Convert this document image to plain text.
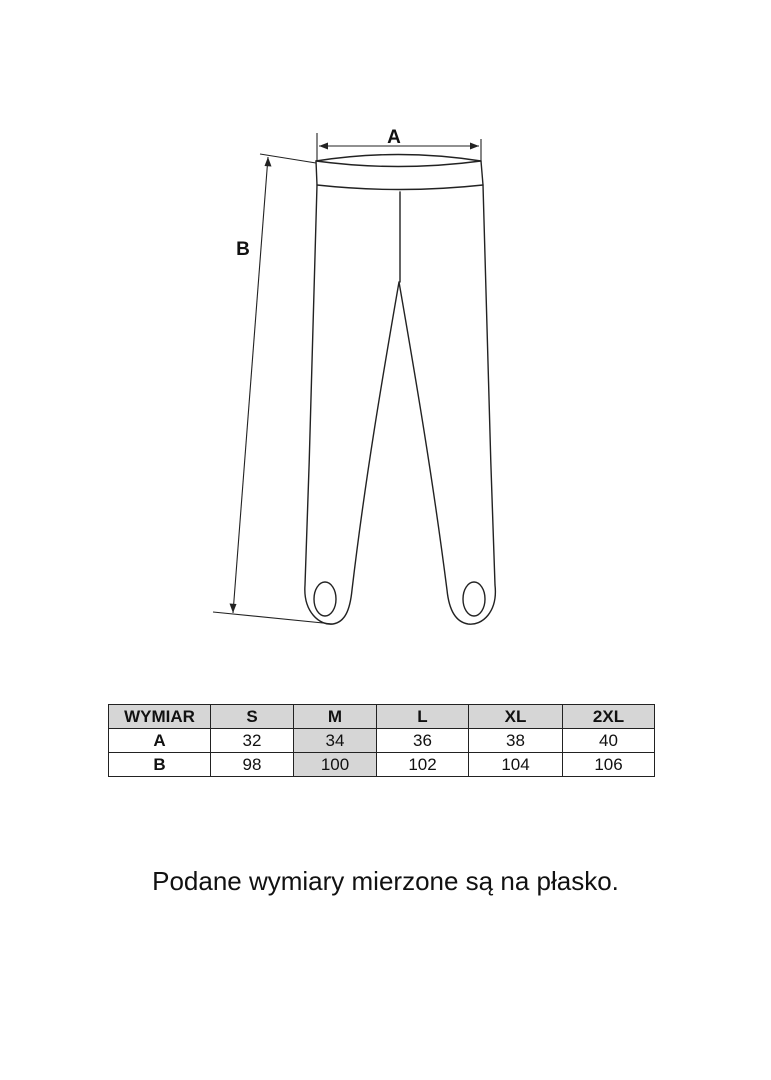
A
B
WYMIAR	S	M	L	XL	2XL
A	32	34	36	38	40
B	98	100	102	104	106
Podane wymiary mierzone są na płasko.
